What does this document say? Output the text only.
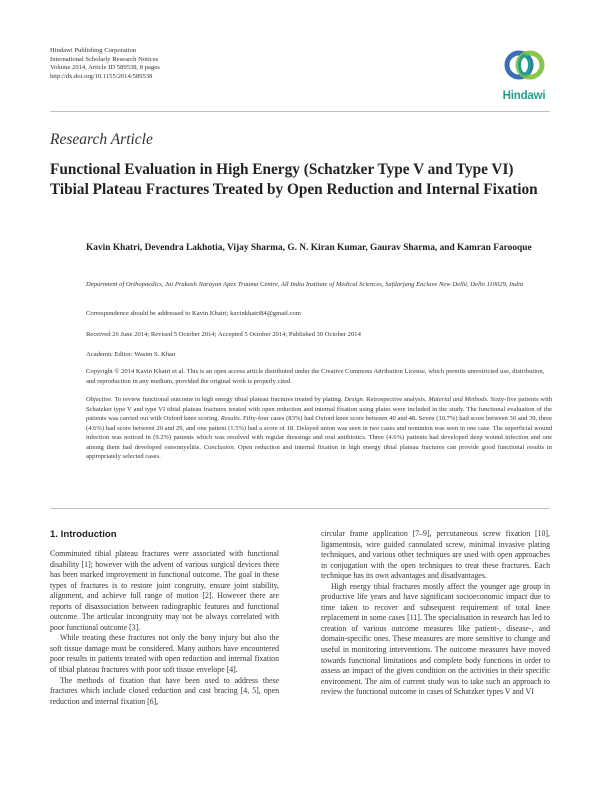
Hindawi Publishing Corporation
International Scholarly Research Notices
Volume 2014, Article ID 589538, 8 pages
http://dx.doi.org/10.1155/2014/589538
Hindawi
Research Article
Functional Evaluation in High Energy (Schatzker Type V and Type VI) Tibial Plateau Fractures Treated by Open Reduction and Internal Fixation
Kavin Khatri, Devendra Lakhotia, Vijay Sharma, G. N. Kiran Kumar, Gaurav Sharma, and Kamran Farooque
Department of Orthopaedics, Jai Prakash Narayan Apex Trauma Centre, All India Institute of Medical Sciences, Safdarjung Enclave New Delhi, Delhi 110029, India
Correspondence should be addressed to Kavin Khatri; kavinkhatri84@gmail.com
Received 26 June 2014; Revised 5 October 2014; Accepted 5 October 2014; Published 30 October 2014
Academic Editor: Wasim S. Khan
Copyright © 2014 Kavin Khatri et al. This is an open access article distributed under the Creative Commons Attribution License, which permits unrestricted use, distribution, and reproduction in any medium, provided the original work is properly cited.
Objective. To review functional outcome in high energy tibial plateau fractures treated by plating. Design. Retrospective analysis. Material and Methods. Sixty-five patients with Schatzker type V and type VI tibial plateau fractures treated with open reduction and internal fixation using plates were included in the study. The functional evaluation of the patients was carried out with Oxford knee scoring. Results. Fifty-four cases (83%) had Oxford knee score between 40 and 48. Seven (10.7%) had score between 30 and 39, three (4.6%) had score between 20 and 29, and one patient (1.5%) had a score of 18. Delayed union was seen in two cases and nonunion was seen in one case. The superficial wound infection was noticed in (9.2%) patients which was resolved with regular dressings and oral antibiotics. Three (4.6%) patients had developed deep wound infection and one among them had developed osteomyelitis. Conclusion. Open reduction and internal fixation in high energy tibial plateau fractures can provide good functional results in appropriately selected cases.
1. Introduction

Comminuted tibial plateau fractures were associated with functional disability [1]; however with the advent of various surgical devices there has been marked improvement in functional outcome. The goal in these types of fractures is to restore joint congruity, ensure joint stability, alignment, and achieve full range of motion [2]. However there are reports of disassociation between radiographic features and functional outcome. The articular incongruity may not be always correlated with poor functional outcome [3].

While treating these fractures not only the bony injury but also the soft tissue damage must be considered. Many authors have encountered poor results in patients treated with open reduction and internal fixation of tibial plateau fractures with poor soft tissue envelope [4].

The methods of fixation that have been used to address these fractures which include closed reduction and cast bracing [4, 5], open reduction and internal fixation [6],

circular frame application [7–9], percutaneous screw fixation [10], ligamentosis, wire guided cannulated screw, minimal invasive plating techniques, and various other techniques are used with open approaches in conjugation with the open techniques to treat these fractures. Each technique has its own advantages and disadvantages.

High energy tibial fractures mostly affect the younger age group in productive life years and have significant socioeconomic impact due to time taken to recover and subsequent requirement of total knee replacement in some cases [11]. The specialisation in research has led to creation of various outcome measures like patient-, disease-, and domain-specific ones. These measures are more sensitive to change and useful in monitoring interventions. The outcome measures have moved towards functional limitations and complete body functions in order to assess an impact of the given condition on the activities in their specific environment. The aim of current study was to take such an approach to review the functional outcome in cases of Schatzker types V and VI
